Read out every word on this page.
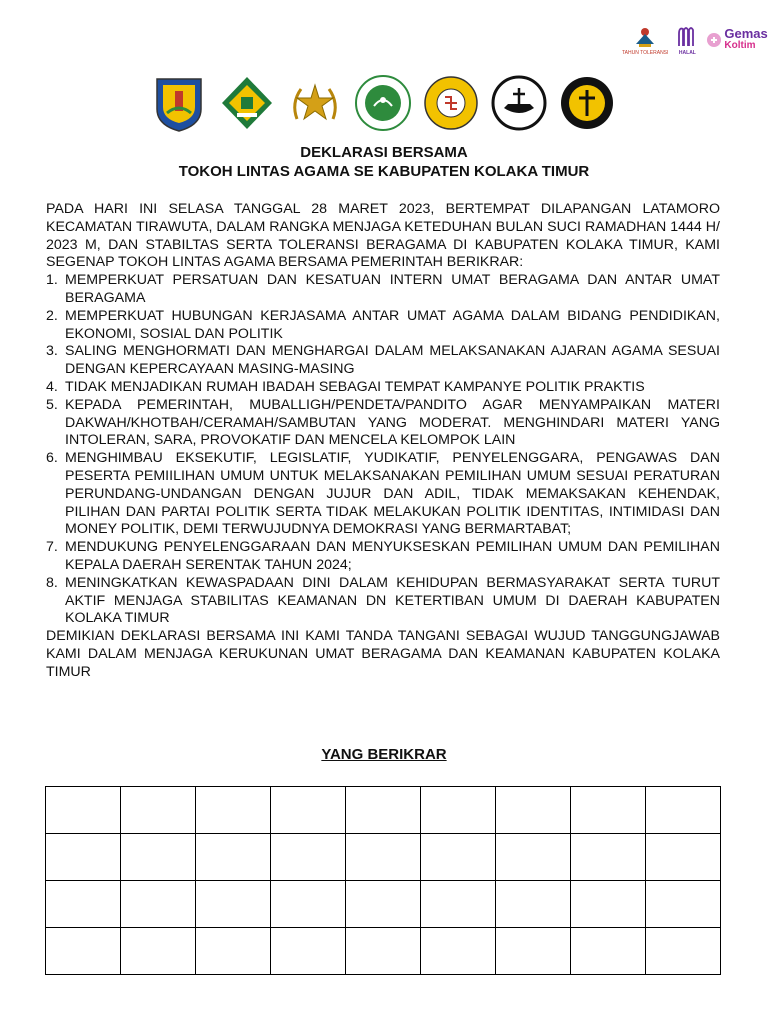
TAHUN TOLERANSI HALAL
Gemas
Koltim
DEKLARASI BERSAMA
TOKOH LINTAS AGAMA SE KABUPATEN KOLAKA TIMUR

PADA HARI INI SELASA TANGGAL 28 MARET 2023, BERTEMPAT DILAPANGAN LATAMORO KECAMATAN TIRAWUTA, DALAM RANGKA MENJAGA KETEDUHAN BULAN SUCI RAMADHAN 1444 H/ 2023 M, DAN STABILTAS SERTA TOLERANSI BERAGAMA DI KABUPATEN KOLAKA TIMUR, KAMI SEGENAP TOKOH LINTAS AGAMA BERSAMA PEMERINTAH BERIKRAR:

1. MEMPERKUAT PERSATUAN DAN KESATUAN INTERN UMAT BERAGAMA DAN ANTAR UMAT BERAGAMA
2. MEMPERKUAT HUBUNGAN KERJASAMA ANTAR UMAT AGAMA DALAM BIDANG PENDIDIKAN, EKONOMI, SOSIAL DAN POLITIK
3. SALING MENGHORMATI DAN MENGHARGAI DALAM MELAKSANAKAN AJARAN AGAMA SESUAI DENGAN KEPERCAYAAN MASING-MASING
4. TIDAK MENJADIKAN RUMAH IBADAH SEBAGAI TEMPAT KAMPANYE POLITIK PRAKTIS
5. KEPADA PEMERINTAH, MUBALLIGH/PENDETA/PANDITO AGAR MENYAMPAIKAN MATERI DAKWAH/KHOTBAH/CERAMAH/SAMBUTAN YANG MODERAT. MENGHINDARI MATERI YANG INTOLERAN, SARA, PROVOKATIF DAN MENCELA KELOMPOK LAIN
6. MENGHIMBAU EKSEKUTIF, LEGISLATIF, YUDIKATIF, PENYELENGGARA, PENGAWAS DAN PESERTA PEMIILIHAN UMUM UNTUK MELAKSANAKAN PEMILIHAN UMUM SESUAI PERATURAN PERUNDANG-UNDANGAN DENGAN JUJUR DAN ADIL, TIDAK MEMAKSAKAN KEHENDAK, PILIHAN DAN PARTAI POLITIK SERTA TIDAK MELAKUKAN POLITIK IDENTITAS, INTIMIDASI DAN MONEY POLITIK, DEMI TERWUJUDNYA DEMOKRASI YANG BERMARTABAT;
7. MENDUKUNG PENYELENGGARAAN DAN MENYUKSESKAN PEMILIHAN UMUM DAN PEMILIHAN KEPALA DAERAH SERENTAK TAHUN 2024;
8. MENINGKATKAN KEWASPADAAN DINI DALAM KEHIDUPAN BERMASYARAKAT SERTA TURUT AKTIF MENJAGA STABILITAS KEAMANAN DN KETERTIBAN UMUM DI DAERAH KABUPATEN KOLAKA TIMUR

DEMIKIAN DEKLARASI BERSAMA INI KAMI TANDA TANGANI SEBAGAI WUJUD TANGGUNGJAWAB KAMI DALAM MENJAGA KERUKUNAN UMAT BERAGAMA DAN KEAMANAN KABUPATEN KOLAKA TIMUR

YANG BERIKRAR
